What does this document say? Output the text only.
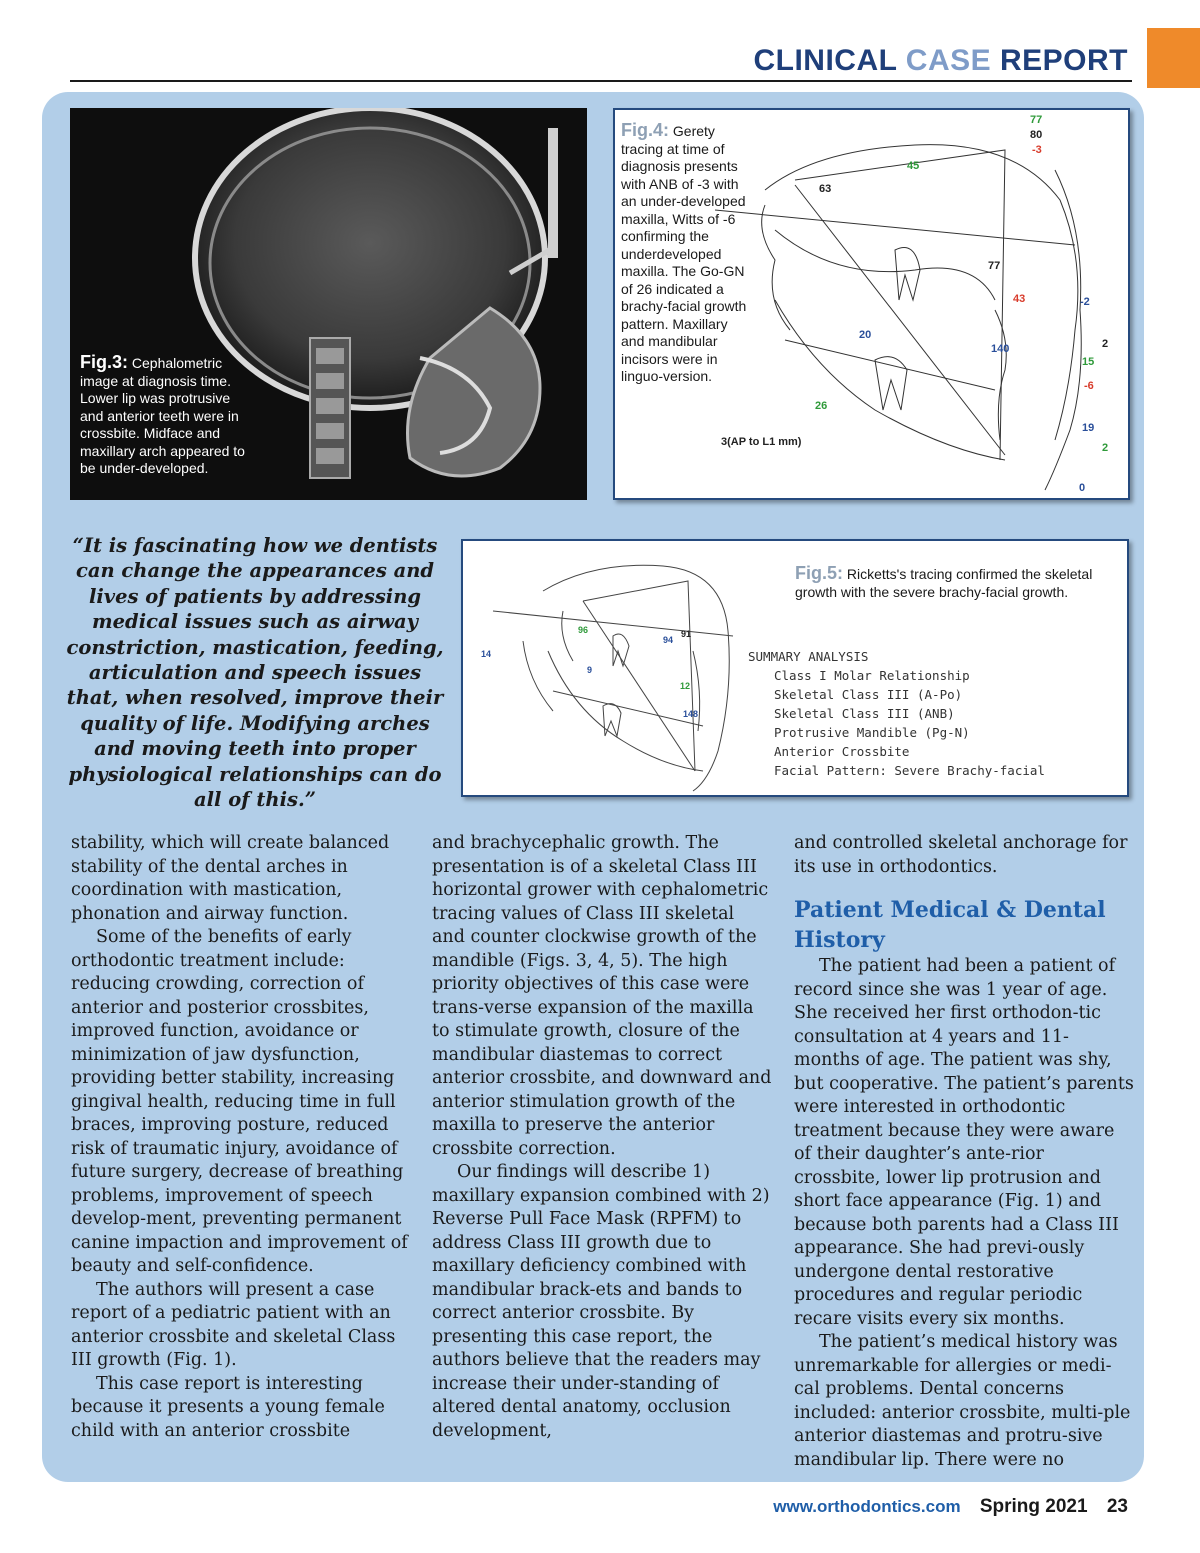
CLINICAL CASE REPORT
Fig.3: Cephalometric image at diagnosis time. Lower lip was protrusive and anterior teeth were in crossbite. Midface and maxillary arch appeared to be under-developed.
Fig.4: Gerety tracing at time of diagnosis presents with ANB of -3 with an under-developed maxilla, Witts of -6 confirming the underdeveloped maxilla. The Go-GN of 26 indicated a brachy-facial growth pattern. Maxillary and mandibular incisors were in linguo-version.
77
80
-3
45
63
77
43	-2
20
140	2
15
-6
26
19
2
0
3(AP to L1 mm)
“It is fascinating how we dentists can change the appearances and lives of patients by addressing medical issues such as airway constriction, mastication, feeding, articulation and speech issues that, when resolved, improve their quality of life. Modifying arches and moving teeth into proper physiological relationships can do all of this.”
Fig.5: Ricketts's tracing confirmed the skeletal growth with the severe brachy-facial growth.
96	91
94
14
9
12
148
SUMMARY ANALYSIS
Class I Molar Relationship
Skeletal Class III (A-Po)
Skeletal Class III (ANB)
Protrusive Mandible (Pg-N)
Anterior Crossbite
Facial Pattern: Severe Brachy-facial

stability, which will create balanced stability of the dental arches in coordination with mastication, phonation and airway function.

Some of the benefits of early orthodontic treatment include: reducing crowding, correction of anterior and posterior crossbites, improved function, avoidance or minimization of jaw dysfunction, providing better stability, increasing gingival health, reducing time in full braces, improving posture, reduced risk of traumatic injury, avoidance of future surgery, decrease of breathing problems, improvement of speech develop-ment, preventing permanent canine impaction and improvement of beauty and self-confidence.

The authors will present a case report of a pediatric patient with an anterior crossbite and skeletal Class III growth (Fig. 1).

This case report is interesting because it presents a young female child with an anterior crossbite

and brachycephalic growth. The presentation is of a skeletal Class III horizontal grower with cephalometric tracing values of Class III skeletal and counter clockwise growth of the mandible (Figs. 3, 4, 5). The high priority objectives of this case were trans-verse expansion of the maxilla to stimulate growth, closure of the mandibular diastemas to correct anterior crossbite, and downward and anterior stimulation growth of the maxilla to preserve the anterior crossbite correction.

Our findings will describe 1) maxillary expansion combined with 2) Reverse Pull Face Mask (RPFM) to address Class III growth due to maxillary deficiency combined with mandibular brack-ets and bands to correct anterior crossbite. By presenting this case report, the authors believe that the readers may increase their under-standing of altered dental anatomy, occlusion development,

and controlled skeletal anchorage for its use in orthodontics.

Patient Medical & Dental History

The patient had been a patient of record since she was 1 year of age. She received her first orthodon-tic consultation at 4 years and 11-months of age. The patient was shy, but cooperative. The patient’s parents were interested in orthodontic treatment because they were aware of their daughter’s ante-rior crossbite, lower lip protrusion and short face appearance (Fig. 1) and because both parents had a Class III appearance. She had previ-ously undergone dental restorative procedures and regular periodic recare visits every six months.

The patient’s medical history was unremarkable for allergies or medi-cal problems. Dental concerns included: anterior crossbite, multi-ple anterior diastemas and protru-sive mandibular lip. There were no

www.orthodontics.com Spring 2021 23
